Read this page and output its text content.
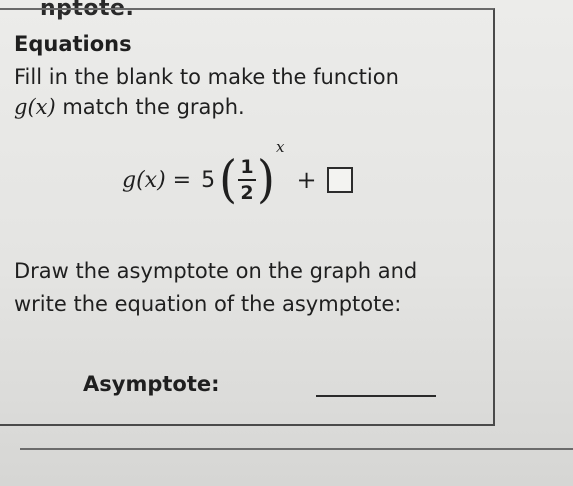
nptote.
Equations
Fill in the blank to make the function
g(x) match the graph.
g(x) = 5 ( $\frac{1}{2}$ )
x
+
Draw the asymptote on the graph and
write the equation of the asymptote:
Asymptote:
